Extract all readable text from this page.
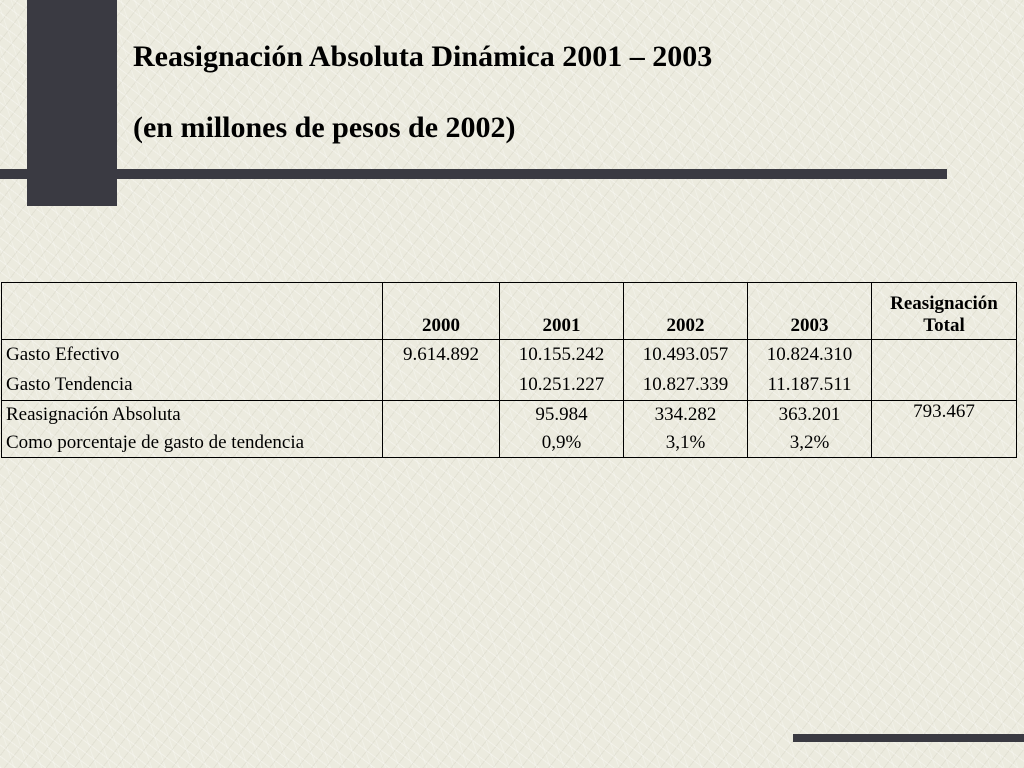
Reasignación Absoluta Dinámica 2001 – 2003
(en millones de pesos de 2002)
	2000	2001	2002	2003	Reasignación
Total
Gasto Efectivo	9.614.892	10.155.242	10.493.057	10.824.310	
Gasto Tendencia		10.251.227	10.827.339	11.187.511	
Reasignación Absoluta		95.984	334.282	363.201	793.467
Como porcentaje de gasto de tendencia		0,9%	3,1%	3,2%	
